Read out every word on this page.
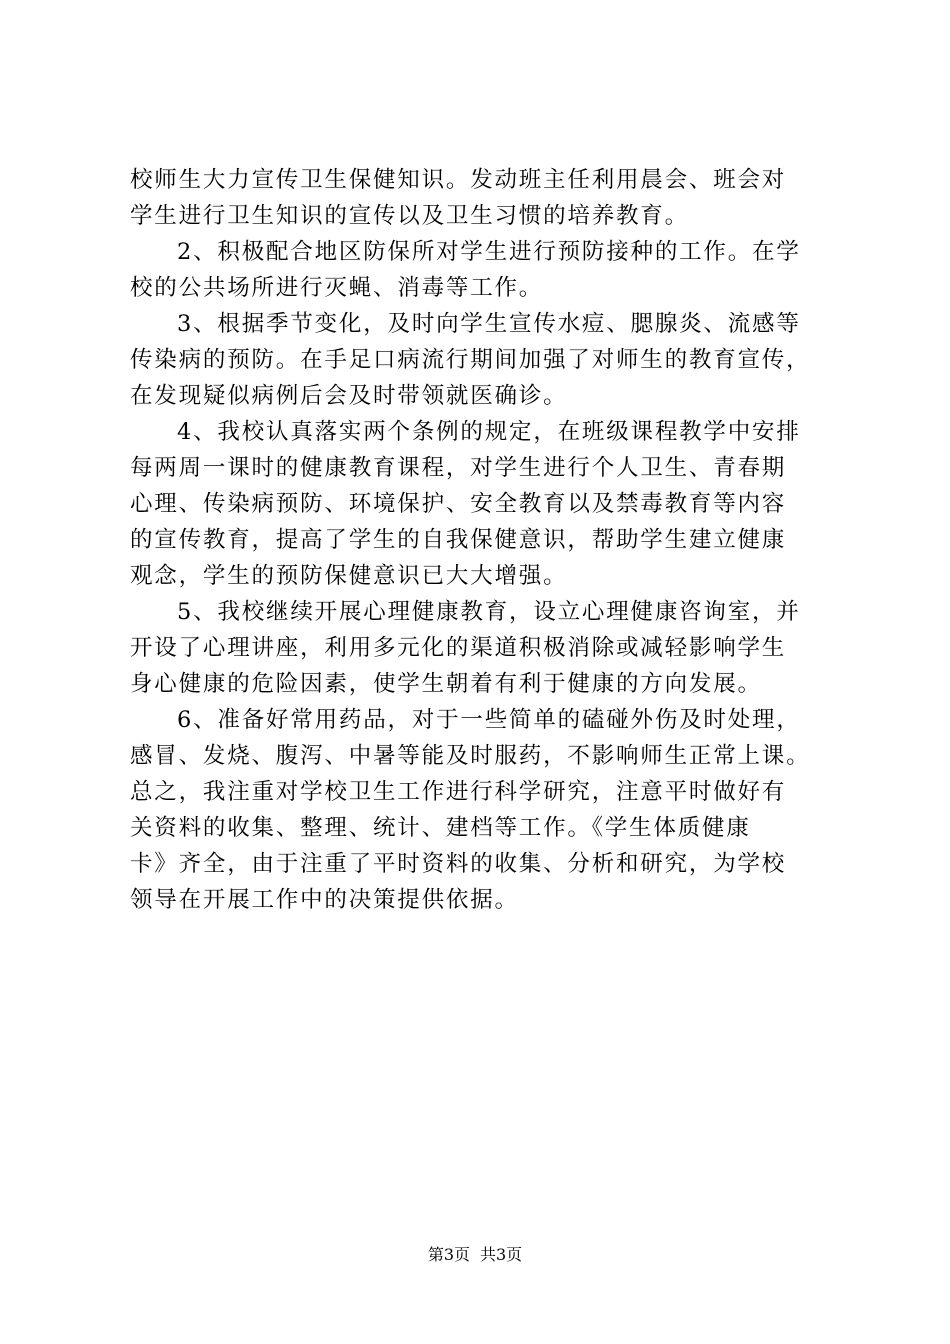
校师生大力宣传卫生保健知识。发动班主任利用晨会、班会对
学生进行卫生知识的宣传以及卫生习惯的培养教育。
2、积极配合地区防保所对学生进行预防接种的工作。在学
校的公共场所进行灭蝇、消毒等工作。
3、根据季节变化，及时向学生宣传水痘、腮腺炎、流感等
传染病的预防。在手足口病流行期间加强了对师生的教育宣传，
在发现疑似病例后会及时带领就医确诊。
4、我校认真落实两个条例的规定，在班级课程教学中安排
每两周一课时的健康教育课程，对学生进行个人卫生、青春期
心理、传染病预防、环境保护、安全教育以及禁毒教育等内容
的宣传教育，提高了学生的自我保健意识，帮助学生建立健康
观念，学生的预防保健意识已大大增强。
5、我校继续开展心理健康教育，设立心理健康咨询室，并
开设了心理讲座，利用多元化的渠道积极消除或减轻影响学生
身心健康的危险因素，使学生朝着有利于健康的方向发展。
6、准备好常用药品，对于一些简单的磕碰外伤及时处理，
感冒、发烧、腹泻、中暑等能及时服药，不影响师生正常上课。
总之，我注重对学校卫生工作进行科学研究，注意平时做好有
关资料的收集、整理、统计、建档等工作。《学生体质健康
卡》齐全，由于注重了平时资料的收集、分析和研究，为学校
领导在开展工作中的决策提供依据。
第3页 共3页
